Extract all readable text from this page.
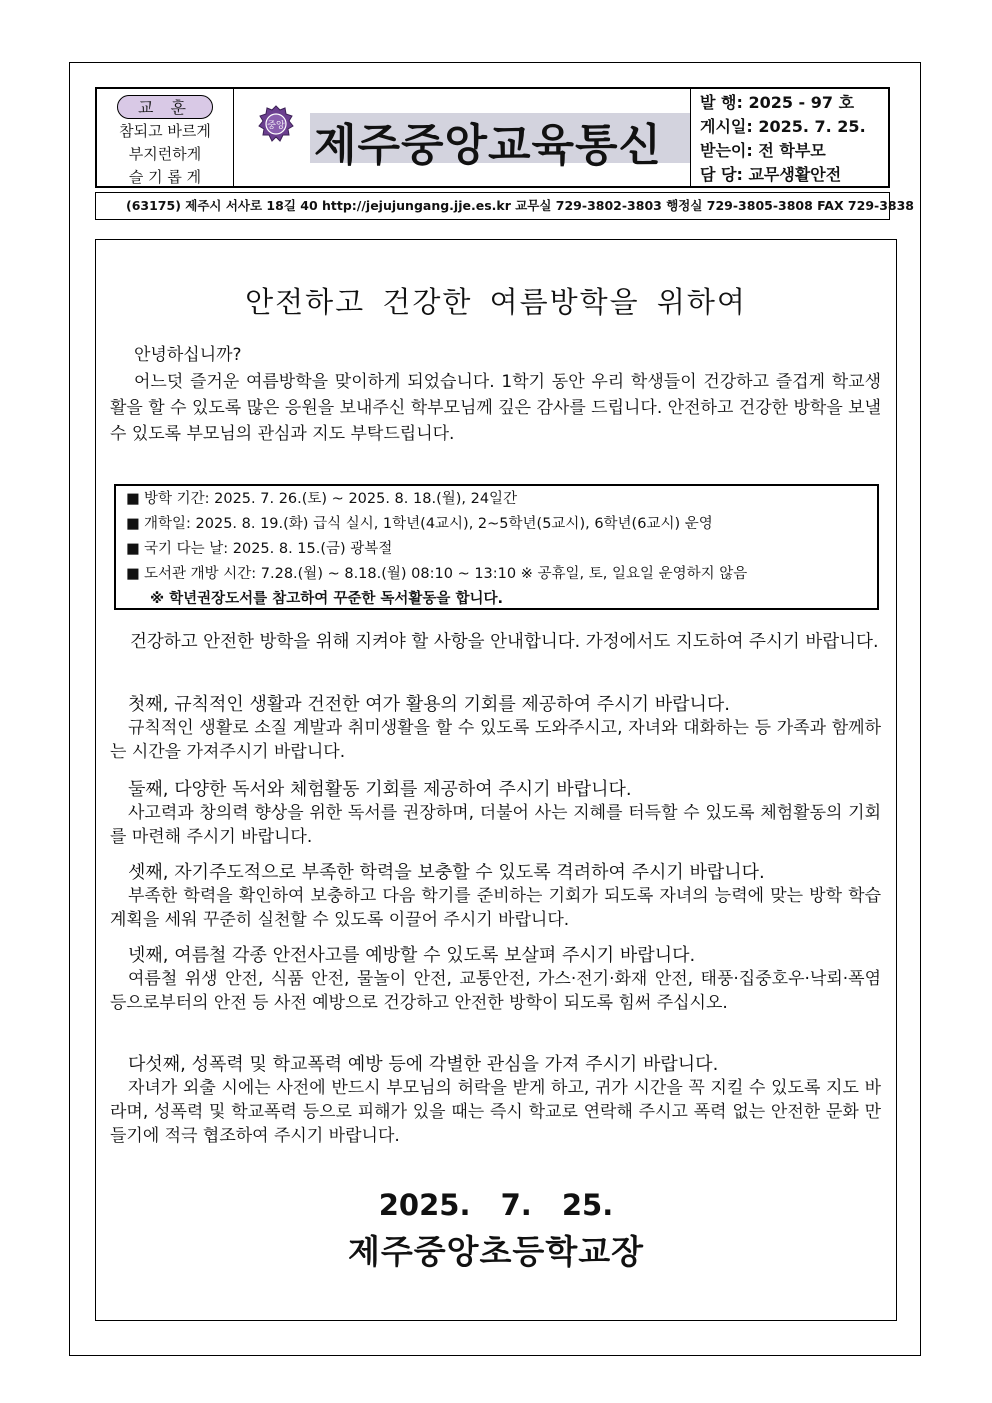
교 훈
참되고 바르게
부지런하게
슬 기 롭 게
중앙 제주중앙교육통신
발 행: 2025 - 97 호
게시일: 2025. 7. 25.
받는이: 전 학부모
담 당: 교무생활안전
(63175) 제주시 서사로 18길 40 http://jejujungang.jje.es.kr 교무실 729-3802-3803 행정실 729-3805-3808 FAX 729-3838
안전하고 건강한 여름방학을 위하여
안녕하십니까?
어느덧 즐거운 여름방학을 맞이하게 되었습니다. 1학기 동안 우리 학생들이 건강하고 즐겁게 학교생활을 할 수 있도록 많은 응원을 보내주신 학부모님께 깊은 감사를 드립니다. 안전하고 건강한 방학을 보낼 수 있도록 부모님의 관심과 지도 부탁드립니다.
■ 방학 기간: 2025. 7. 26.(토) ~ 2025. 8. 18.(월), 24일간
■ 개학일: 2025. 8. 19.(화) 급식 실시, 1학년(4교시), 2~5학년(5교시), 6학년(6교시) 운영
■ 국기 다는 날: 2025. 8. 15.(금) 광복절
■ 도서관 개방 시간: 7.28.(월) ~ 8.18.(월) 08:10 ~ 13:10 ※ 공휴일, 토, 일요일 운영하지 않음
※ 학년권장도서를 참고하여 꾸준한 독서활동을 합니다.
건강하고 안전한 방학을 위해 지켜야 할 사항을 안내합니다. 가정에서도 지도하여 주시기 바랍니다.
첫째, 규칙적인 생활과 건전한 여가 활용의 기회를 제공하여 주시기 바랍니다.
규칙적인 생활로 소질 계발과 취미생활을 할 수 있도록 도와주시고, 자녀와 대화하는 등 가족과 함께하는 시간을 가져주시기 바랍니다.
둘째, 다양한 독서와 체험활동 기회를 제공하여 주시기 바랍니다.
사고력과 창의력 향상을 위한 독서를 권장하며, 더불어 사는 지혜를 터득할 수 있도록 체험활동의 기회를 마련해 주시기 바랍니다.
셋째, 자기주도적으로 부족한 학력을 보충할 수 있도록 격려하여 주시기 바랍니다.
부족한 학력을 확인하여 보충하고 다음 학기를 준비하는 기회가 되도록 자녀의 능력에 맞는 방학 학습 계획을 세워 꾸준히 실천할 수 있도록 이끌어 주시기 바랍니다.
넷째, 여름철 각종 안전사고를 예방할 수 있도록 보살펴 주시기 바랍니다.
여름철 위생 안전, 식품 안전, 물놀이 안전, 교통안전, 가스·전기·화재 안전, 태풍·집중호우·낙뢰·폭염 등으로부터의 안전 등 사전 예방으로 건강하고 안전한 방학이 되도록 힘써 주십시오.
다섯째, 성폭력 및 학교폭력 예방 등에 각별한 관심을 가져 주시기 바랍니다.
자녀가 외출 시에는 사전에 반드시 부모님의 허락을 받게 하고, 귀가 시간을 꼭 지킬 수 있도록 지도 바라며, 성폭력 및 학교폭력 등으로 피해가 있을 때는 즉시 학교로 연락해 주시고 폭력 없는 안전한 문화 만들기에 적극 협조하여 주시기 바랍니다.
2025. 7. 25.
제주중앙초등학교장
